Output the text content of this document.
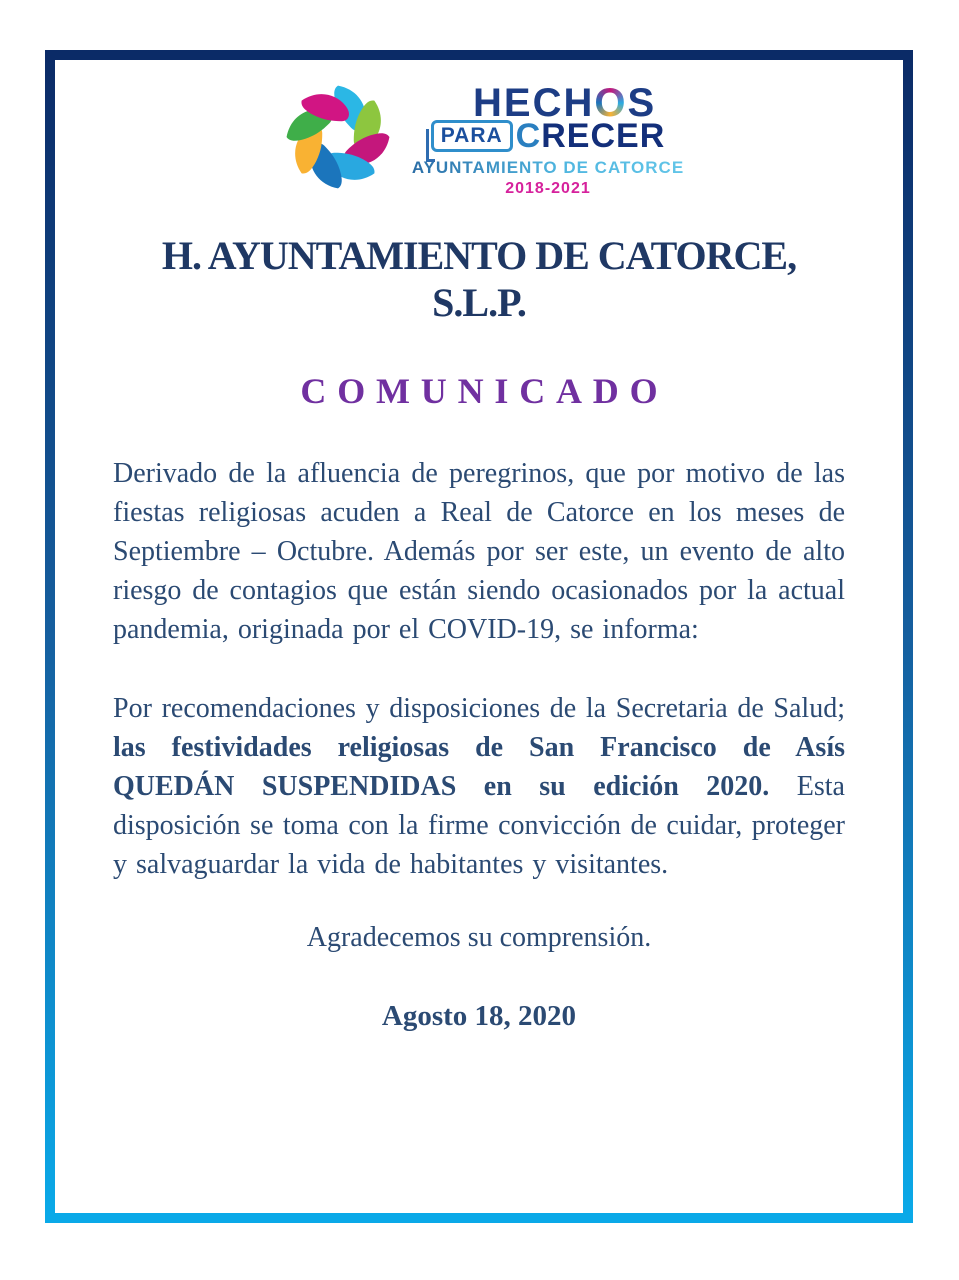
HECHOS
PARA CRECER
AYUNTAMIENTO DE CATORCE
2018-2021
H. AYUNTAMIENTO DE CATORCE, S.L.P.
COMUNICADO

Derivado de la afluencia de peregrinos, que por motivo de las fiestas religiosas acuden a Real de Catorce en los meses de Septiembre – Octubre. Además por ser este, un evento de alto riesgo de contagios que están siendo ocasionados por la actual pandemia, originada por el COVID-19, se informa:

Por recomendaciones y disposiciones de la Secretaria de Salud; las festividades religiosas de San Francisco de Asís QUEDÁN SUSPENDIDAS en su edición 2020. Esta disposición se toma con la firme convicción de cuidar, proteger y salvaguardar la vida de habitantes y visitantes.

Agradecemos su comprensión.
Agosto 18, 2020
